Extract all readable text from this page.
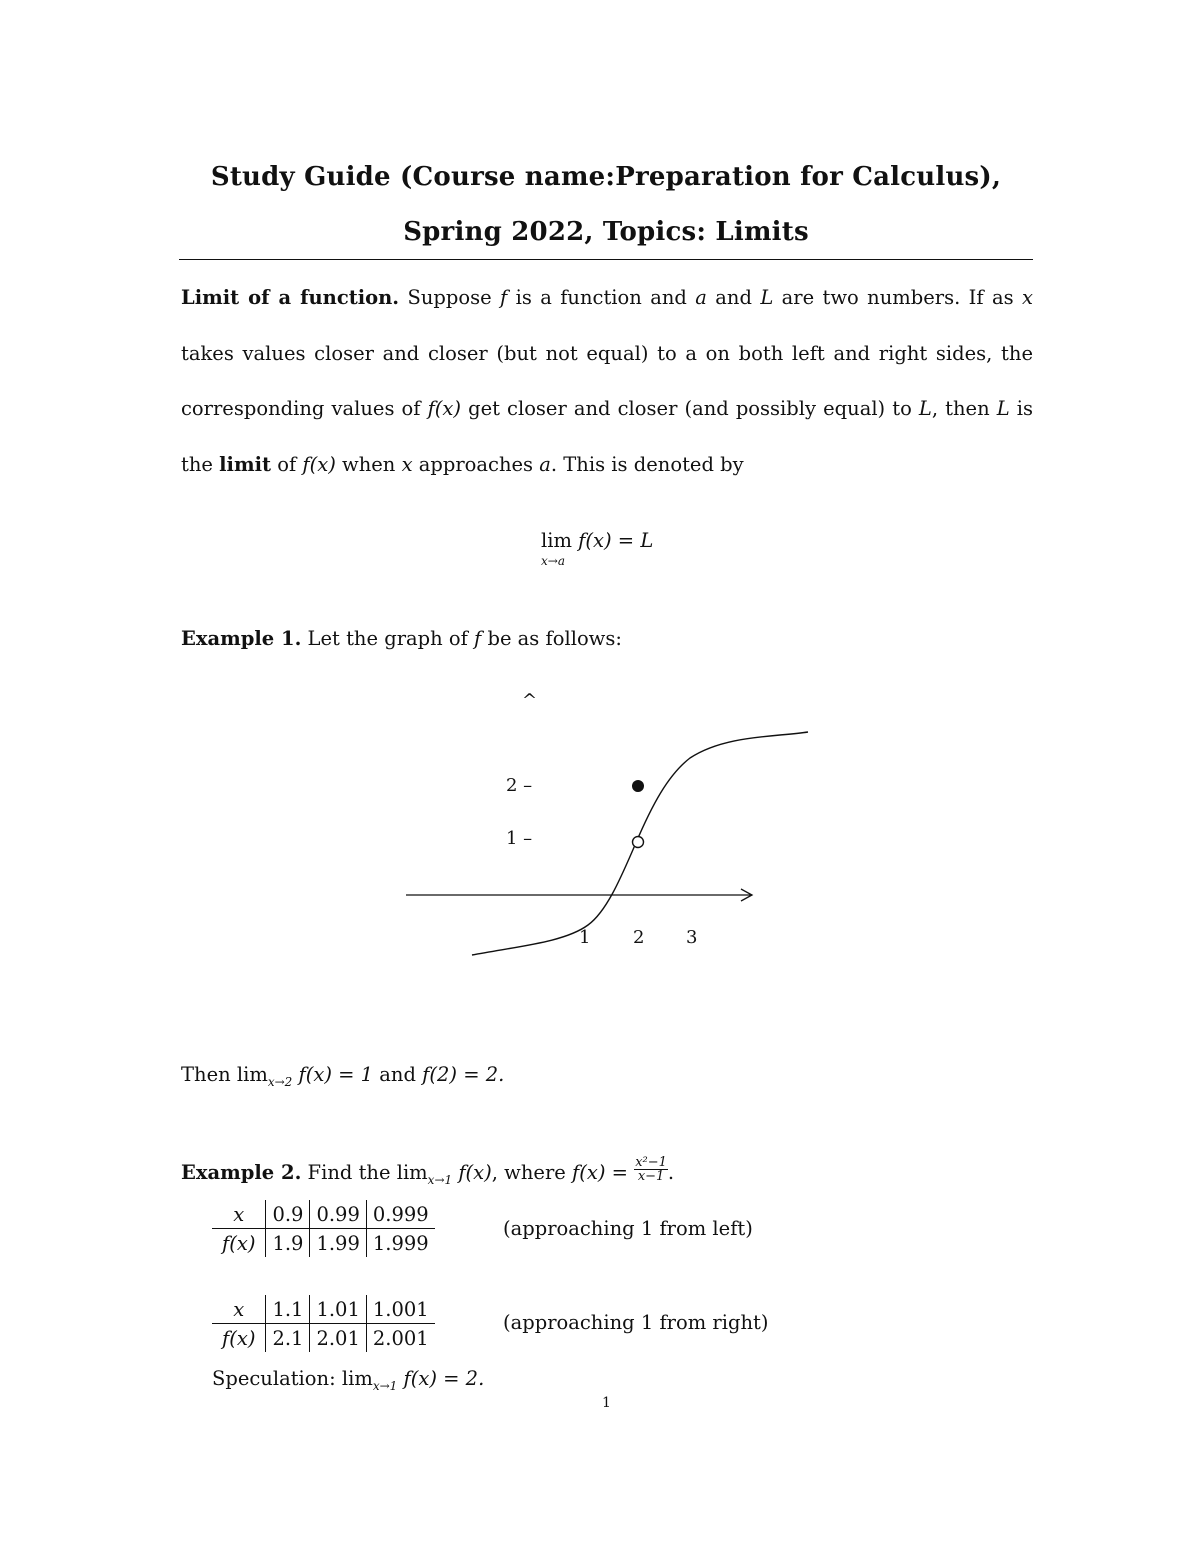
Study Guide (Course name:Preparation for Calculus),
Spring 2022, Topics: Limits
Limit of a function. Suppose f is a function and a and L are two numbers. If as x takes values closer and closer (but not equal) to a on both left and right sides, the corresponding values of f(x) get closer and closer (and possibly equal) to L, then L is the limit of f(x) when x approaches a. This is denoted by
lim f(x) = L
x→a
Example 1. Let the graph of f be as follows:
^
2 –
1 –
1 2 3
Then $\lim_{x\to 2} f(x) = 1$ and f(2) = 2.
Example 2. Find the $\lim_{x\to 1} f(x)$, where $f(x) = \frac{\text{x²−1}}{x-1}$ .
x	0.9	0.99	0.999
f(x)	1.9	1.99	1.999
(approaching 1 from left)
x	1.1	1.01	1.001
f(x)	2.1	2.01	2.001
(approaching 1 from right)
Speculation: $\lim_{x\to 1} f(x) = 2$.
1
